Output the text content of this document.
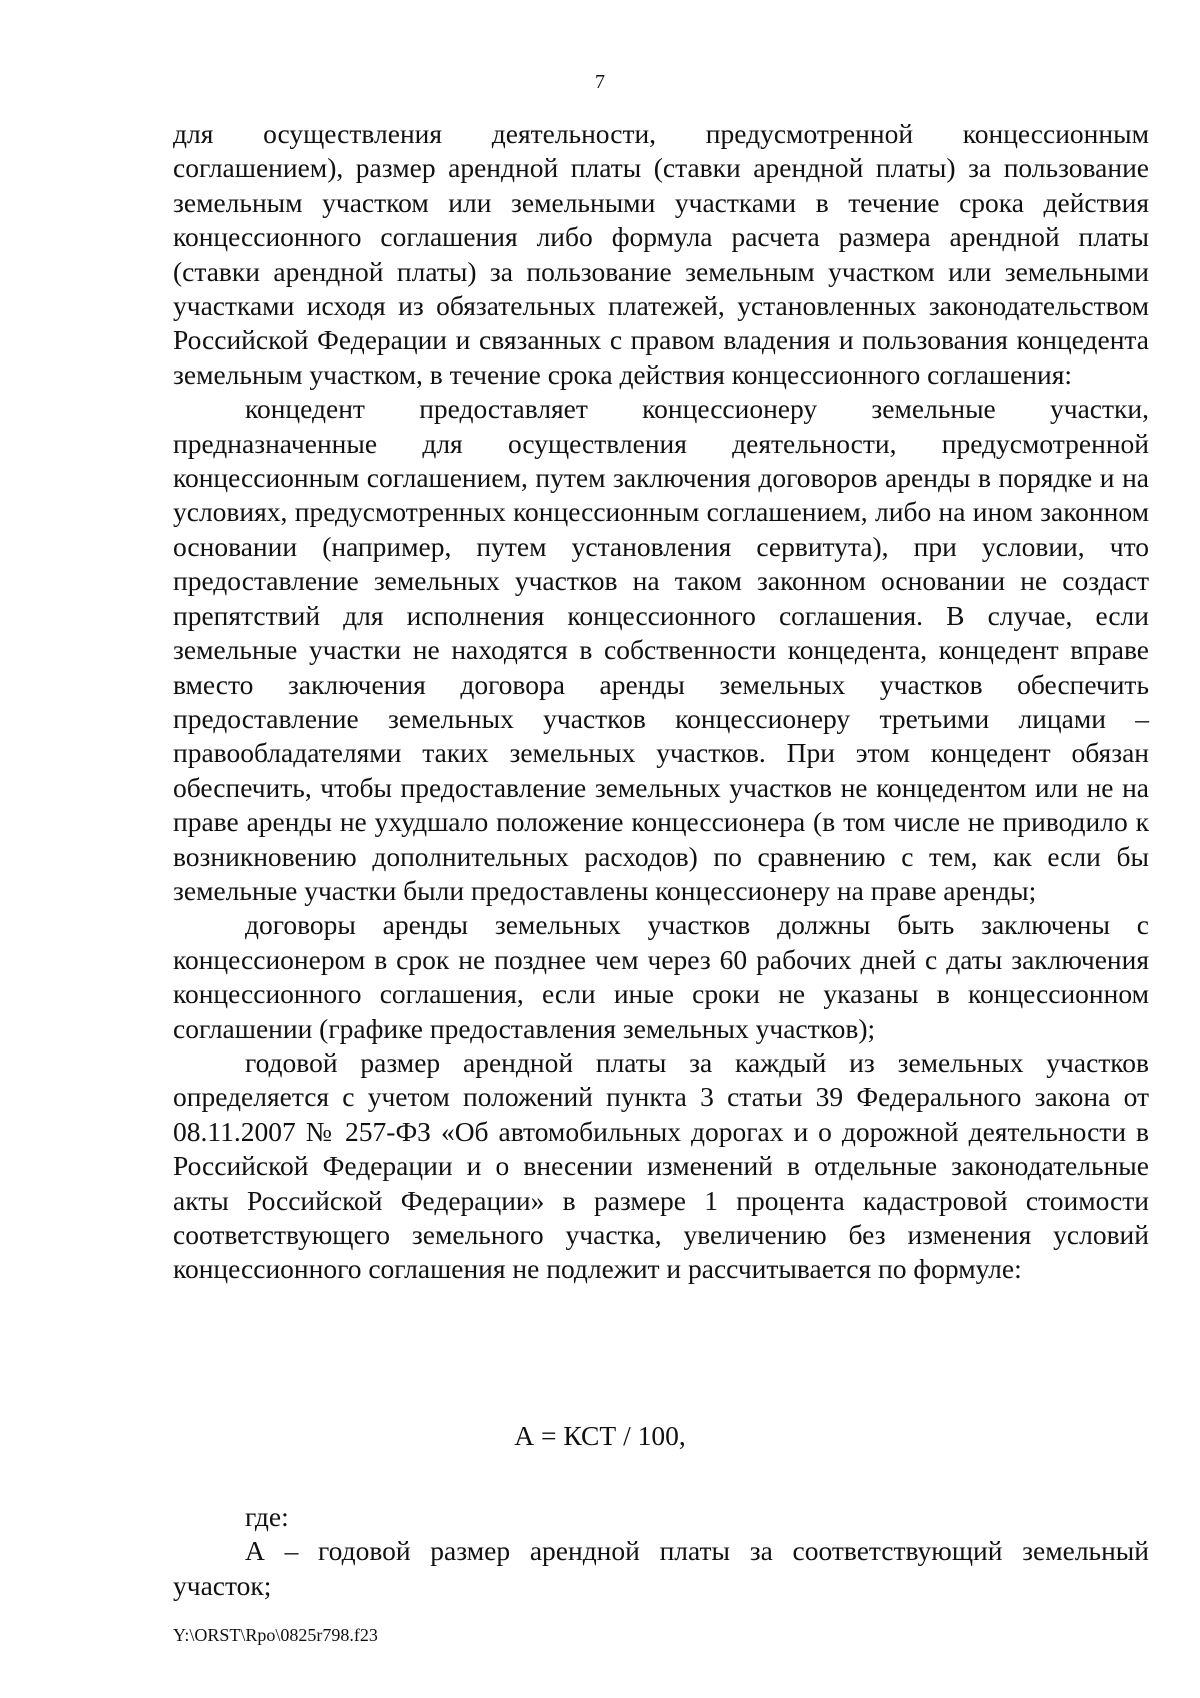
7

для осуществления деятельности, предусмотренной концессионным соглашением), размер арендной платы (ставки арендной платы) за пользование земельным участком или земельными участками в течение срока действия концессионного соглашения либо формула расчета размера арендной платы (ставки арендной платы) за пользование земельным участком или земельными участками исходя из обязательных платежей, установленных законодательством Российской Федерации и связанных с правом владения и пользования концедента земельным участком, в течение срока действия концессионного соглашения:

концедент предоставляет концессионеру земельные участки, предназначенные для осуществления деятельности, предусмотренной концессионным соглашением, путем заключения договоров аренды в порядке и на условиях, предусмотренных концессионным соглашением, либо на ином законном основании (например, путем установления сервитута), при условии, что предоставление земельных участков на таком законном основании не создаст препятствий для исполнения концессионного соглашения. В случае, если земельные участки не находятся в собственности концедента, концедент вправе вместо заключения договора аренды земельных участков обеспечить предоставление земельных участков концессионеру третьими лицами – правообладателями таких земельных участков. При этом концедент обязан обеспечить, чтобы предоставление земельных участков не концедентом или не на праве аренды не ухудшало положение концессионера (в том числе не приводило к возникновению дополнительных расходов) по сравнению с тем, как если бы земельные участки были предоставлены концессионеру на праве аренды;

договоры аренды земельных участков должны быть заключены с концессионером в срок не позднее чем через 60 рабочих дней с даты заключения концессионного соглашения, если иные сроки не указаны в концессионном соглашении (графике предоставления земельных участков);

годовой размер арендной платы за каждый из земельных участков определяется с учетом положений пункта 3 статьи 39 Федерального закона от 08.11.2007 № 257-ФЗ «Об автомобильных дорогах и о дорожной деятельности в Российской Федерации и о внесении изменений в отдельные законодательные акты Российской Федерации» в размере 1 процента кадастровой стоимости соответствующего земельного участка, увеличению без изменения условий концессионного соглашения не подлежит и рассчитывается по формуле:

А = КСТ / 100,

где:

А – годовой размер арендной платы за соответствующий земельный участок;

Y:\ORST\Rpo\0825r798.f23
